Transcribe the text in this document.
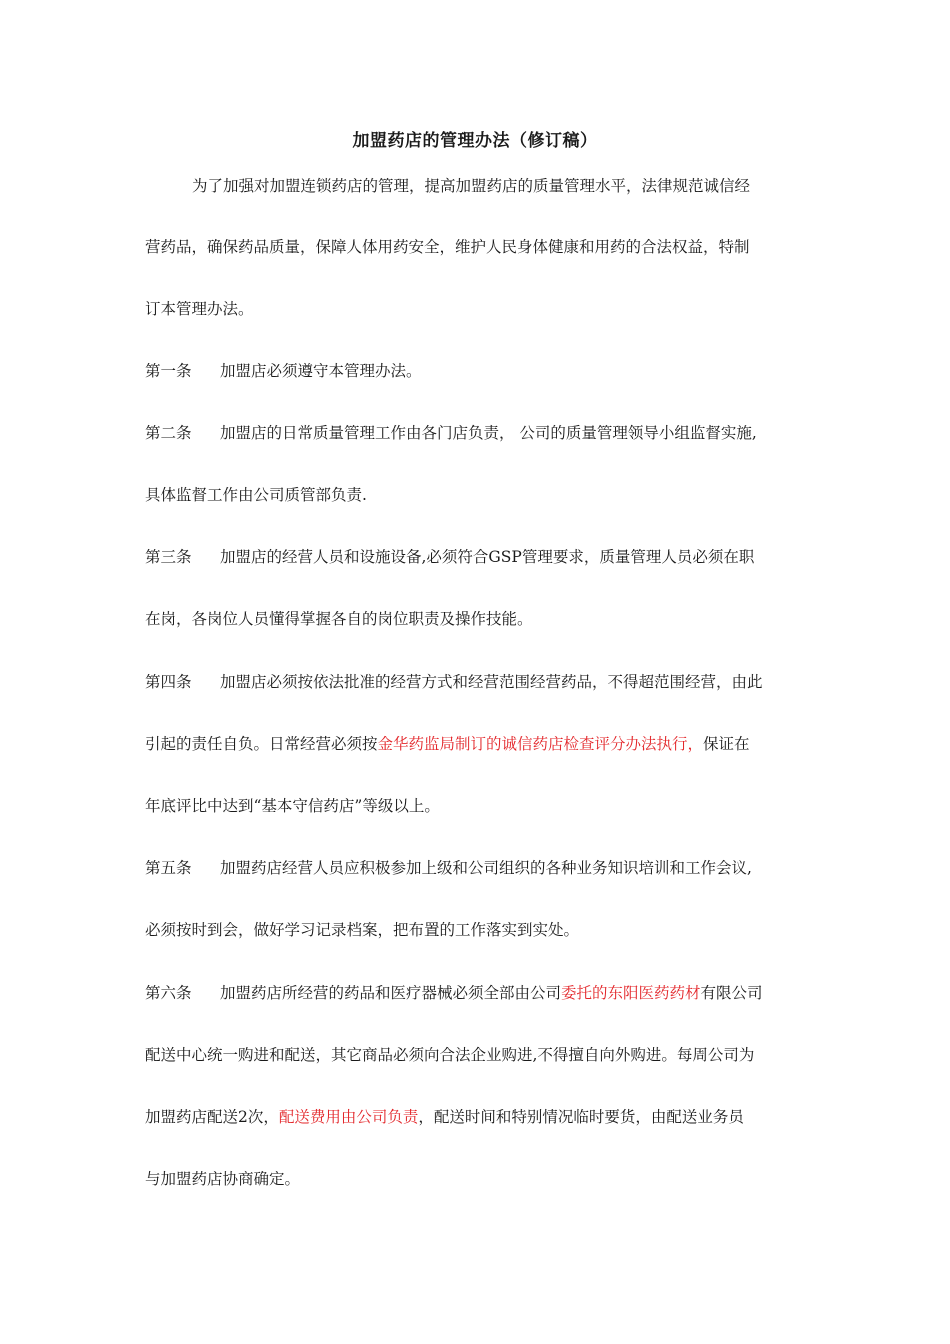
加盟药店的管理办法（修订稿）
为了加强对加盟连锁药店的管理，提高加盟药店的质量管理水平，法律规范诚信经
营药品，确保药品质量，保障人体用药安全，维护人民身体健康和用药的合法权益，特制
订本管理办法。
第一条 加盟店必须遵守本管理办法。
第二条 加盟店的日常质量管理工作由各门店负责， 公司的质量管理领导小组监督实施,
具体监督工作由公司质管部负责.
第三条 加盟店的经营人员和设施设备,必须符合GSP管理要求，质量管理人员必须在职
在岗，各岗位人员懂得掌握各自的岗位职责及操作技能。
第四条 加盟店必须按依法批准的经营方式和经营范围经营药品，不得超范围经营，由此
引起的责任自负。日常经营必须按金华药监局制订的诚信药店检查评分办法执行，保证在
年底评比中达到“基本守信药店”等级以上。
第五条 加盟药店经营人员应积极参加上级和公司组织的各种业务知识培训和工作会议,
必须按时到会，做好学习记录档案，把布置的工作落实到实处。
第六条 加盟药店所经营的药品和医疗器械必须全部由公司委托的东阳医药药材有限公司
配送中心统一购进和配送，其它商品必须向合法企业购进,不得擅自向外购进。每周公司为
加盟药店配送2次，配送费用由公司负责，配送时间和特别情况临时要货，由配送业务员
与加盟药店协商确定。
